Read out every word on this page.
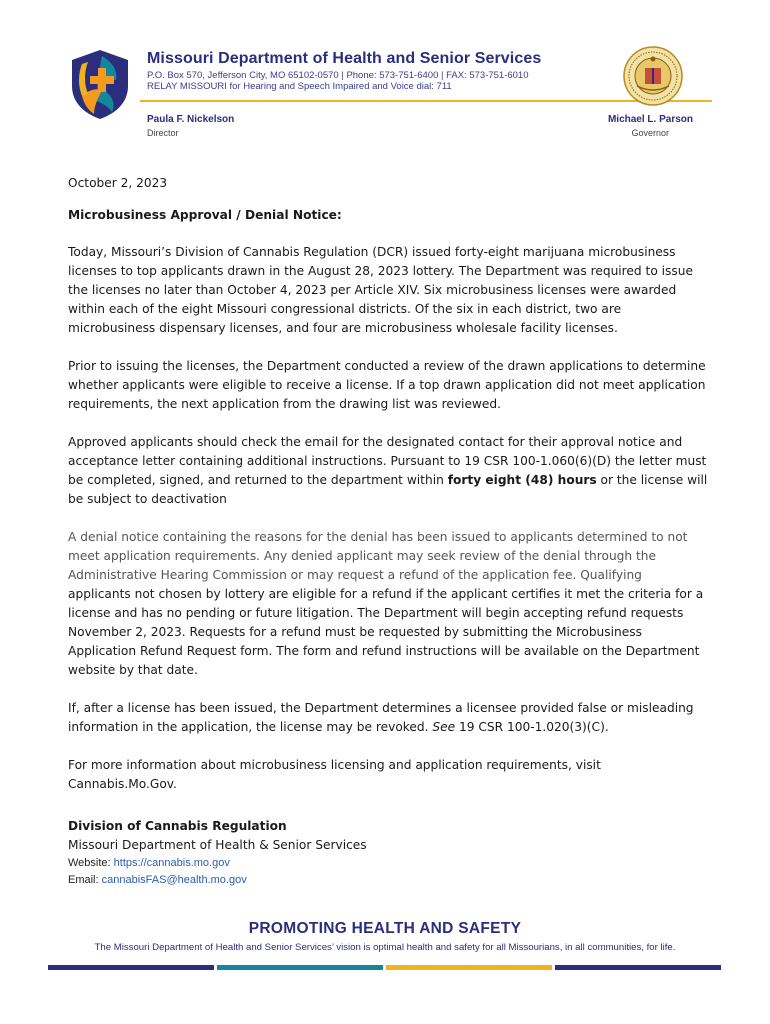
Missouri Department of Health and Senior Services
P.O. Box 570, Jefferson City, MO 65102-0570 | Phone: 573-751-6400 | FAX: 573-751-6010
RELAY MISSOURI for Hearing and Speech Impaired and Voice dial: 711
Paula F. Nickelson
Director
Michael L. Parson
Governor

October 2, 2023

Microbusiness Approval / Denial Notice:

Today, Missouri’s Division of Cannabis Regulation (DCR) issued forty-eight marijuana microbusiness licenses to top applicants drawn in the August 28, 2023 lottery. The Department was required to issue the licenses no later than October 4, 2023 per Article XIV. Six microbusiness licenses were awarded within each of the eight Missouri congressional districts. Of the six in each district, two are microbusiness dispensary licenses, and four are microbusiness wholesale facility licenses.

Prior to issuing the licenses, the Department conducted a review of the drawn applications to determine whether applicants were eligible to receive a license. If a top drawn application did not meet application requirements, the next application from the drawing list was reviewed.

Approved applicants should check the email for the designated contact for their approval notice and acceptance letter containing additional instructions. Pursuant to 19 CSR 100-1.060(6)(D) the letter must be completed, signed, and returned to the department within forty eight (48) hours or the license will be subject to deactivation

A denial notice containing the reasons for the denial has been issued to applicants determined to not meet application requirements. Any denied applicant may seek review of the denial through the Administrative Hearing Commission or may request a refund of the application fee. Qualifying applicants not chosen by lottery are eligible for a refund if the applicant certifies it met the criteria for a license and has no pending or future litigation. The Department will begin accepting refund requests November 2, 2023. Requests for a refund must be requested by submitting the Microbusiness Application Refund Request form. The form and refund instructions will be available on the Department website by that date.

If, after a license has been issued, the Department determines a licensee provided false or misleading information in the application, the license may be revoked. See 19 CSR 100-1.020(3)(C).

For more information about microbusiness licensing and application requirements, visit Cannabis.Mo.Gov.

Division of Cannabis Regulation
Missouri Department of Health & Senior Services
Website: https://cannabis.mo.gov
Email: cannabisFAS@health.mo.gov
PROMOTING HEALTH AND SAFETY
The Missouri Department of Health and Senior Services’ vision is optimal health and safety for all Missourians, in all communities, for life.
